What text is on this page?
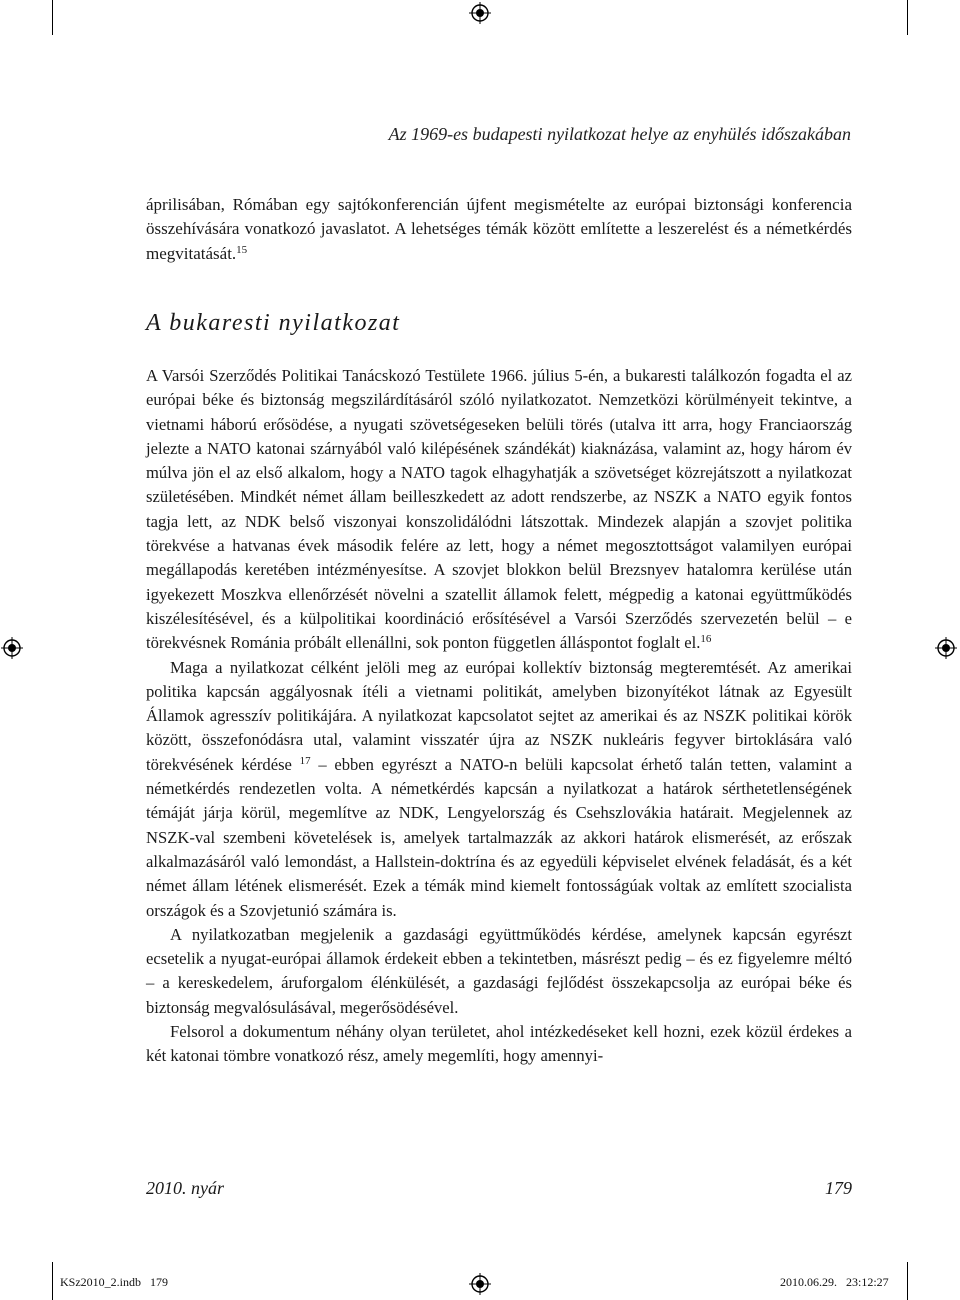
Az 1969-es budapesti nyilatkozat helye az enyhülés időszakában

áprilisában, Rómában egy sajtókonferencián újfent megismételte az európai biztonsági konferencia összehívására vonatkozó javaslatot. A lehetséges témák között említette a leszerelést és a németkérdés megvitatását.$^{15}$

A bukaresti nyilatkozat

A Varsói Szerződés Politikai Tanácskozó Testülete 1966. július 5-én, a bukaresti találkozón fogadta el az európai béke és biztonság megszilárdításáról szóló nyilatkozatot. Nemzetközi körülményeit tekintve, a vietnami háború erősödése, a nyugati szövetségeseken belüli törés (utalva itt arra, hogy Franciaország jelezte a NATO katonai szárnyából való kilépésének szándékát) kiaknázása, valamint az, hogy három év múlva jön el az első alkalom, hogy a NATO tagok elhagyhatják a szövetséget közrejátszott a nyilatkozat születésében. Mindkét német állam beilleszkedett az adott rendszerbe, az NSZK a NATO egyik fontos tagja lett, az NDK belső viszonyai konszolidálódni látszottak. Mindezek alapján a szovjet politika törekvése a hatvanas évek második felére az lett, hogy a német megosztottságot valamilyen európai megállapodás keretében intézményesítse. A szovjet blokkon belül Brezsnyev hatalomra kerülése után igyekezett Moszkva ellenőrzését növelni a szatellit államok felett, mégpedig a katonai együttműködés kiszélesítésével, és a külpolitikai koordináció erősítésével a Varsói Szerződés szervezetén belül – e törekvésnek Románia próbált ellenállni, sok ponton független álláspontot foglalt el.$^{16}$

Maga a nyilatkozat célként jelöli meg az európai kollektív biztonság megteremtését. Az amerikai politika kapcsán aggályosnak ítéli a vietnami politikát, amelyben bizonyítékot látnak az Egyesült Államok agresszív politikájára. A nyilatkozat kapcsolatot sejtet az amerikai és az NSZK politikai körök között, összefonódásra utal, valamint visszatér újra az NSZK nukleáris fegyver birtoklására való törekvésének kérdése $^{17}$ – ebben egyrészt a NATO-n belüli kapcsolat érhető talán tetten, valamint a németkérdés rendezetlen volta. A németkérdés kapcsán a nyilatkozat a határok sérthetetlenségének témáját járja körül, megemlítve az NDK, Lengyelország és Csehszlovákia határait. Megjelennek az NSZK-val szembeni követelések is, amelyek tartalmazzák az akkori határok elismerését, az erőszak alkalmazásáról való lemondást, a Hallstein-doktrína és az egyedüli képviselet elvének feladását, és a két német állam létének elismerését. Ezek a témák mind kiemelt fontosságúak voltak az említett szocialista országok és a Szovjetunió számára is.

A nyilatkozatban megjelenik a gazdasági együttműködés kérdése, amelynek kapcsán egyrészt ecsetelik a nyugat-európai államok érdekeit ebben a tekintetben, másrészt pedig – és ez figyelemre méltó – a kereskedelem, áruforgalom élénkülését, a gazdasági fejlődést összekapcsolja az európai béke és biztonság megvalósulásával, megerősödésével.

Felsorol a dokumentum néhány olyan területet, ahol intézkedéseket kell hozni, ezek közül érdekes a két katonai tömbre vonatkozó rész, amely megemlíti, hogy amennyi-

2010. nyár	179
KSz2010_2.indb   179	2010.06.29.   23:12:27
